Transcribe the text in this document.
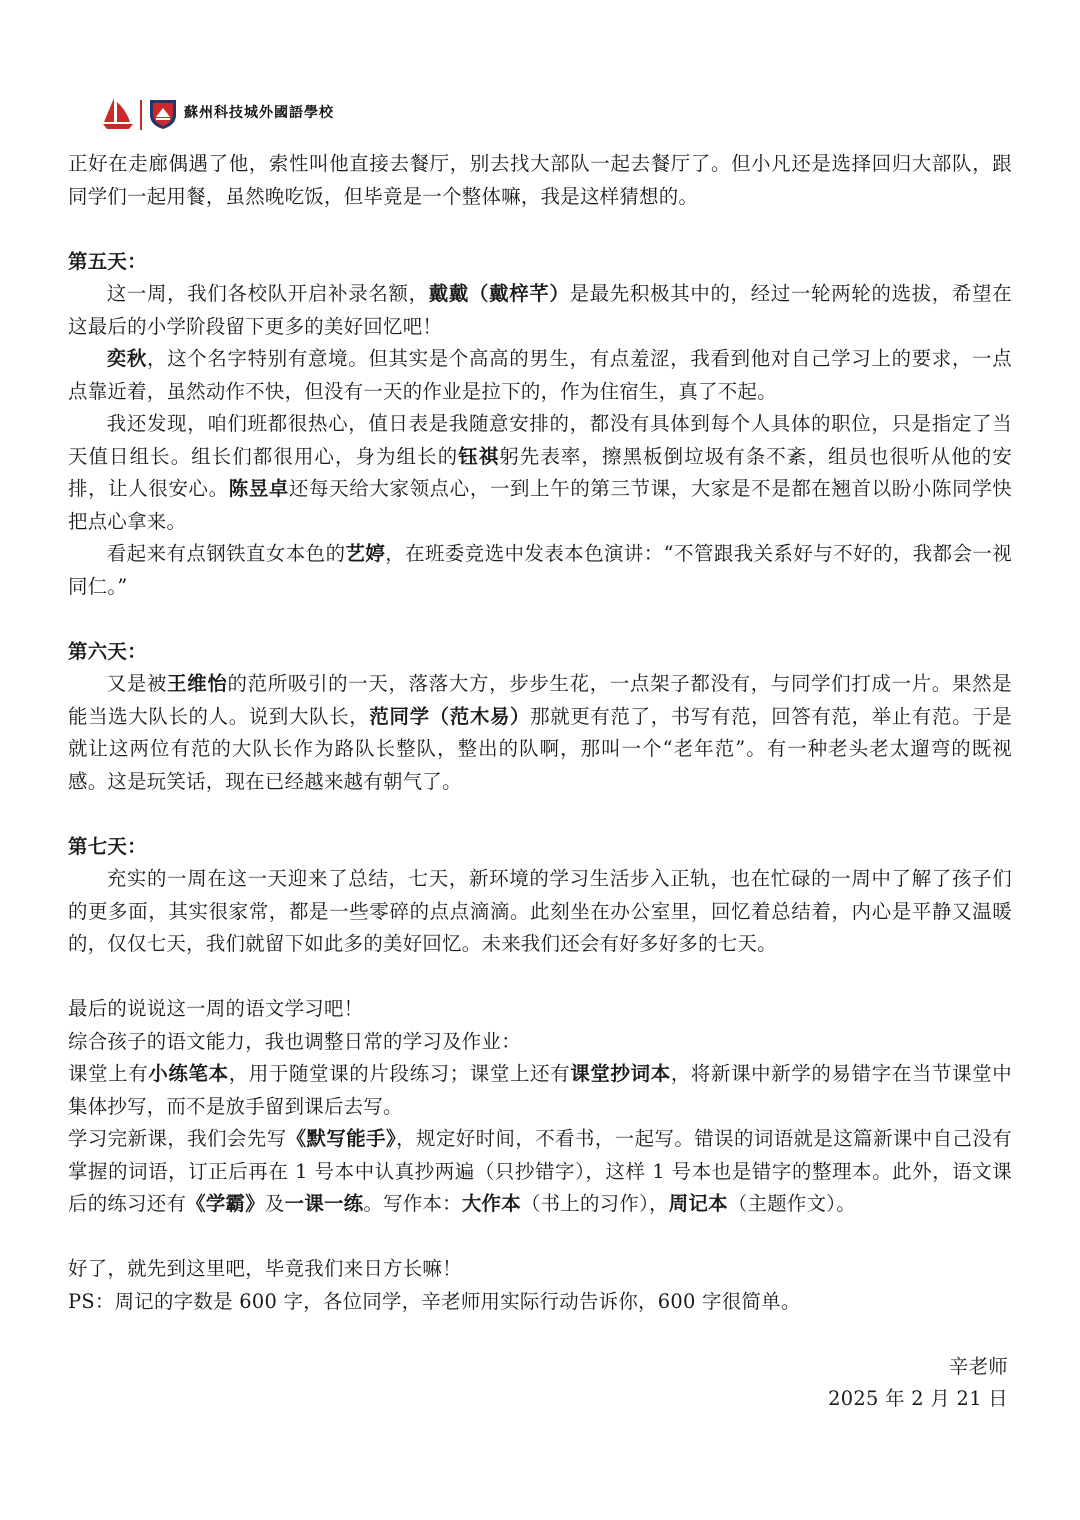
蘇州科技城外國語學校

正好在走廊偶遇了他，索性叫他直接去餐厅，别去找大部队一起去餐厅了。但小凡还是选择回归大部队，跟同学们一起用餐，虽然晚吃饭，但毕竟是一个整体嘛，我是这样猜想的。

第五天：

这一周，我们各校队开启补录名额，戴戴（戴梓芊）是最先积极其中的，经过一轮两轮的选拔，希望在这最后的小学阶段留下更多的美好回忆吧！

奕秋，这个名字特别有意境。但其实是个高高的男生，有点羞涩，我看到他对自己学习上的要求，一点点靠近着，虽然动作不快，但没有一天的作业是拉下的，作为住宿生，真了不起。

我还发现，咱们班都很热心，值日表是我随意安排的，都没有具体到每个人具体的职位，只是指定了当天值日组长。组长们都很用心，身为组长的钰祺躬先表率，擦黑板倒垃圾有条不紊，组员也很听从他的安排，让人很安心。陈昱卓还每天给大家领点心，一到上午的第三节课，大家是不是都在翘首以盼小陈同学快把点心拿来。

看起来有点钢铁直女本色的艺婷，在班委竞选中发表本色演讲：“不管跟我关系好与不好的，我都会一视同仁。”

第六天：

又是被王维怡的范所吸引的一天，落落大方，步步生花，一点架子都没有，与同学们打成一片。果然是能当选大队长的人。说到大队长，范同学（范木易）那就更有范了，书写有范，回答有范，举止有范。于是就让这两位有范的大队长作为路队长整队，整出的队啊，那叫一个“老年范”。有一种老头老太遛弯的既视感。这是玩笑话，现在已经越来越有朝气了。

第七天：

充实的一周在这一天迎来了总结，七天，新环境的学习生活步入正轨，也在忙碌的一周中了解了孩子们的更多面，其实很家常，都是一些零碎的点点滴滴。此刻坐在办公室里，回忆着总结着，内心是平静又温暖的，仅仅七天，我们就留下如此多的美好回忆。未来我们还会有好多好多的七天。

最后的说说这一周的语文学习吧！

综合孩子的语文能力，我也调整日常的学习及作业：

课堂上有小练笔本，用于随堂课的片段练习；课堂上还有课堂抄词本，将新课中新学的易错字在当节课堂中集体抄写，而不是放手留到课后去写。

学习完新课，我们会先写《默写能手》，规定好时间，不看书，一起写。错误的词语就是这篇新课中自己没有掌握的词语，订正后再在 1 号本中认真抄两遍（只抄错字），这样 1 号本也是错字的整理本。此外，语文课后的练习还有《学霸》及一课一练。写作本：大作本（书上的习作），周记本（主题作文）。

好了，就先到这里吧，毕竟我们来日方长嘛！

PS：周记的字数是 600 字，各位同学，辛老师用实际行动告诉你，600 字很简单。

辛老师

2025 年 2 月 21 日
